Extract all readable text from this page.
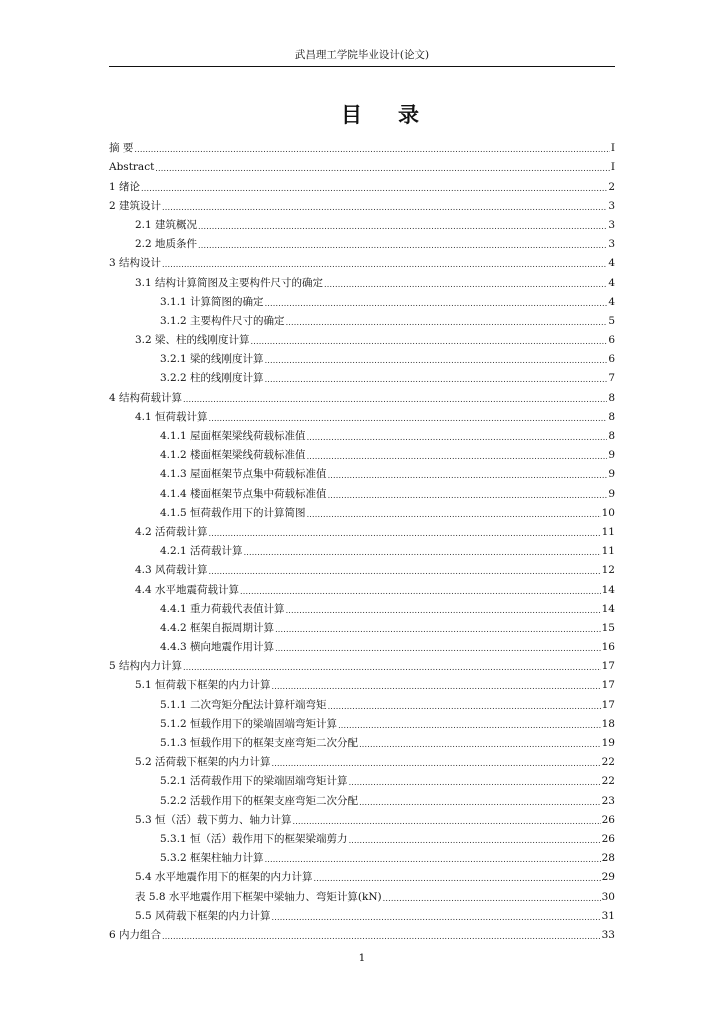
武昌理工学院毕业设计(论文)
目录
摘 要 .....	I
Abstract .....	I
1 绪论 .....	2
2 建筑设计 .....	3
2.1 建筑概况 .....	3
2.2 地质条件 .....	3
3 结构设计 .....	4
3.1 结构计算简图及主要构件尺寸的确定 .....	4
3.1.1 计算简图的确定 .....	4
3.1.2 主要构件尺寸的确定 .....	5
3.2 梁、柱的线刚度计算 .....	6
3.2.1 梁的线刚度计算 .....	6
3.2.2 柱的线刚度计算 .....	7
4 结构荷载计算 .....	8
4.1 恒荷载计算 .....	8
4.1.1 屋面框架梁线荷载标准值 .....	8
4.1.2 楼面框架梁线荷载标准值 .....	9
4.1.3 屋面框架节点集中荷载标准值 .....	9
4.1.4 楼面框架节点集中荷载标准值 .....	9
4.1.5 恒荷载作用下的计算简图 .....	10
4.2 活荷载计算 .....	11
4.2.1 活荷载计算 .....	11
4.3 风荷载计算 .....	12
4.4 水平地震荷载计算 .....	14
4.4.1 重力荷载代表值计算 .....	14
4.4.2 框架自振周期计算 .....	15
4.4.3 横向地震作用计算 .....	16
5 结构内力计算 .....	17
5.1 恒荷载下框架的内力计算 .....	17
5.1.1 二次弯矩分配法计算杆端弯矩 .....	17
5.1.2 恒载作用下的梁端固端弯矩计算 .....	18
5.1.3 恒载作用下的框架支座弯矩二次分配 .....	19
5.2 活荷载下框架的内力计算 .....	22
5.2.1 活荷载作用下的梁端固端弯矩计算 .....	22
5.2.2 活载作用下的框架支座弯矩二次分配 .....	23
5.3 恒（活）载下剪力、轴力计算 .....	26
5.3.1 恒（活）载作用下的框架梁端剪力 .....	26
5.3.2 框架柱轴力计算 .....	28
5.4 水平地震作用下的框架的内力计算 .....	29
表 5.8 水平地震作用下框架中梁轴力、弯矩计算(kN) .....	30
5.5 风荷载下框架的内力计算 .....	31
6 内力组合 .....	33
1
